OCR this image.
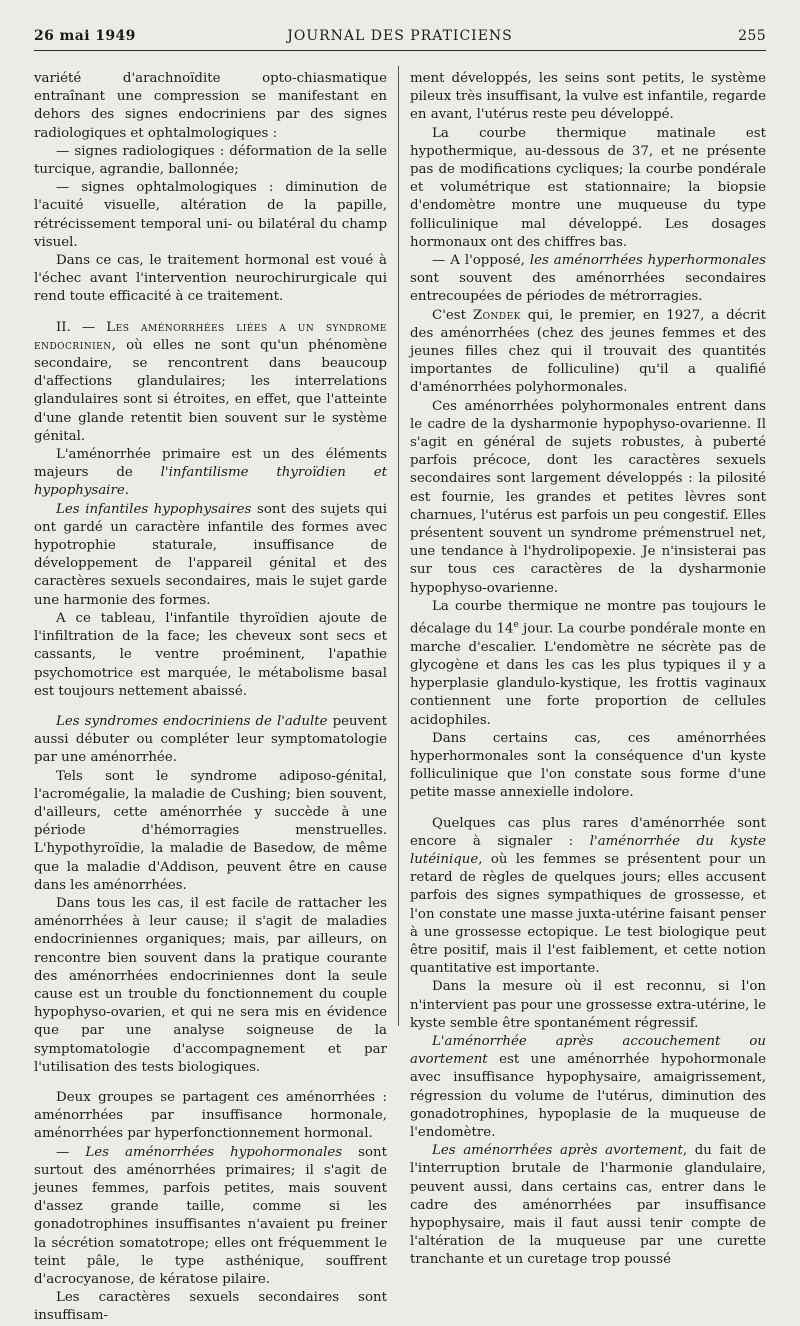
26 mai 1949	JOURNAL DES PRATICIENS	255

variété d'arachnoïdite opto-chiasmatique entraînant une compression se manifestant en dehors des signes endocriniens par des signes radiologiques et ophtalmologiques :

— signes radiologiques : déformation de la selle turcique, agrandie, ballonnée;

— signes ophtalmologiques : diminution de l'acuité visuelle, altération de la papille, rétrécissement temporal uni- ou bilatéral du champ visuel.

Dans ce cas, le traitement hormonal est voué à l'échec avant l'intervention neurochirurgicale qui rend toute efficacité à ce traitement.

II. — Les aménorrhées liées a un syndrome endocrinien, où elles ne sont qu'un phénomène secondaire, se rencontrent dans beaucoup d'affections glandulaires; les interrelations glandulaires sont si étroites, en effet, que l'atteinte d'une glande retentit bien souvent sur le système génital.

L'aménorrhée primaire est un des éléments majeurs de l'infantilisme thyroïdien et hypophysaire.

Les infantiles hypophysaires sont des sujets qui ont gardé un caractère infantile des formes avec hypotrophie staturale, insuffisance de développement de l'appareil génital et des caractères sexuels secondaires, mais le sujet garde une harmonie des formes.

A ce tableau, l'infantile thyroïdien ajoute de l'infiltration de la face; les cheveux sont secs et cassants, le ventre proéminent, l'apathie psychomotrice est marquée, le métabolisme basal est toujours nettement abaissé.

Les syndromes endocriniens de l'adulte peuvent aussi débuter ou compléter leur symptomatologie par une aménorrhée.

Tels sont le syndrome adiposo-génital, l'acromégalie, la maladie de Cushing; bien souvent, d'ailleurs, cette aménorrhée y succède à une période d'hémorragies menstruelles. L'hypothyroïdie, la maladie de Basedow, de même que la maladie d'Addison, peuvent être en cause dans les aménorrhées.

Dans tous les cas, il est facile de rattacher les aménorrhées à leur cause; il s'agit de maladies endocriniennes organiques; mais, par ailleurs, on rencontre bien souvent dans la pratique courante des aménorrhées endocriniennes dont la seule cause est un trouble du fonctionnement du couple hypophyso-ovarien, et qui ne sera mis en évidence que par une analyse soigneuse de la symptomatologie d'accompagnement et par l'utilisation des tests biologiques.

Deux groupes se partagent ces aménorrhées : aménorrhées par insuffisance hormonale, aménorrhées par hyperfonctionnement hormonal.

— Les aménorrhées hypohormonales sont surtout des aménorrhées primaires; il s'agit de jeunes femmes, parfois petites, mais souvent d'assez grande taille, comme si les gonadotrophines insuffisantes n'avaient pu freiner la sécrétion somatotrope; elles ont fréquemment le teint pâle, le type asthénique, souffrent d'acrocyanose, de kératose pilaire.

Les caractères sexuels secondaires sont insuffisam-

ment développés, les seins sont petits, le système pileux très insuffisant, la vulve est infantile, regarde en avant, l'utérus reste peu développé.

La courbe thermique matinale est hypothermique, au-dessous de 37, et ne présente pas de modifications cycliques; la courbe pondérale et volumétrique est stationnaire; la biopsie d'endomètre montre une muqueuse du type folliculinique mal développé. Les dosages hormonaux ont des chiffres bas.

— A l'opposé, les aménorrhées hyperhormonales sont souvent des aménorrhées secondaires entrecoupées de périodes de métrorragies.

C'est Zondek qui, le premier, en 1927, a décrit des aménorrhées (chez des jeunes femmes et des jeunes filles chez qui il trouvait des quantités importantes de folliculine) qu'il a qualifié d'aménorrhées polyhormonales.

Ces aménorrhées polyhormonales entrent dans le cadre de la dysharmonie hypophyso-ovarienne. Il s'agit en général de sujets robustes, à puberté parfois précoce, dont les caractères sexuels secondaires sont largement développés : la pilosité est fournie, les grandes et petites lèvres sont charnues, l'utérus est parfois un peu congestif. Elles présentent souvent un syndrome prémenstruel net, une tendance à l'hydrolipopexie. Je n'insisterai pas sur tous ces caractères de la dysharmonie hypophyso-ovarienne.

La courbe thermique ne montre pas toujours le décalage du 14e jour. La courbe pondérale monte en marche d'escalier. L'endomètre ne sécrète pas de glycogène et dans les cas les plus typiques il y a hyperplasie glandulo-kystique, les frottis vaginaux contiennent une forte proportion de cellules acidophiles.

Dans certains cas, ces aménorrhées hyperhormonales sont la conséquence d'un kyste folliculinique que l'on constate sous forme d'une petite masse annexielle indolore.

Quelques cas plus rares d'aménorrhée sont encore à signaler : l'aménorrhée du kyste lutéinique, où les femmes se présentent pour un retard de règles de quelques jours; elles accusent parfois des signes sympathiques de grossesse, et l'on constate une masse juxta-utérine faisant penser à une grossesse ectopique. Le test biologique peut être positif, mais il l'est faiblement, et cette notion quantitative est importante.

Dans la mesure où il est reconnu, si l'on n'intervient pas pour une grossesse extra-utérine, le kyste semble être spontanément régressif.

L'aménorrhée après accouchement ou avortement est une aménorrhée hypohormonale avec insuffisance hypophysaire, amaigrissement, régression du volume de l'utérus, diminution des gonadotrophines, hypoplasie de la muqueuse de l'endomètre.

Les aménorrhées après avortement, du fait de l'interruption brutale de l'harmonie glandulaire, peuvent aussi, dans certains cas, entrer dans le cadre des aménorrhées par insuffisance hypophysaire, mais il faut aussi tenir compte de l'altération de la muqueuse par une curette tranchante et un curetage trop poussé
